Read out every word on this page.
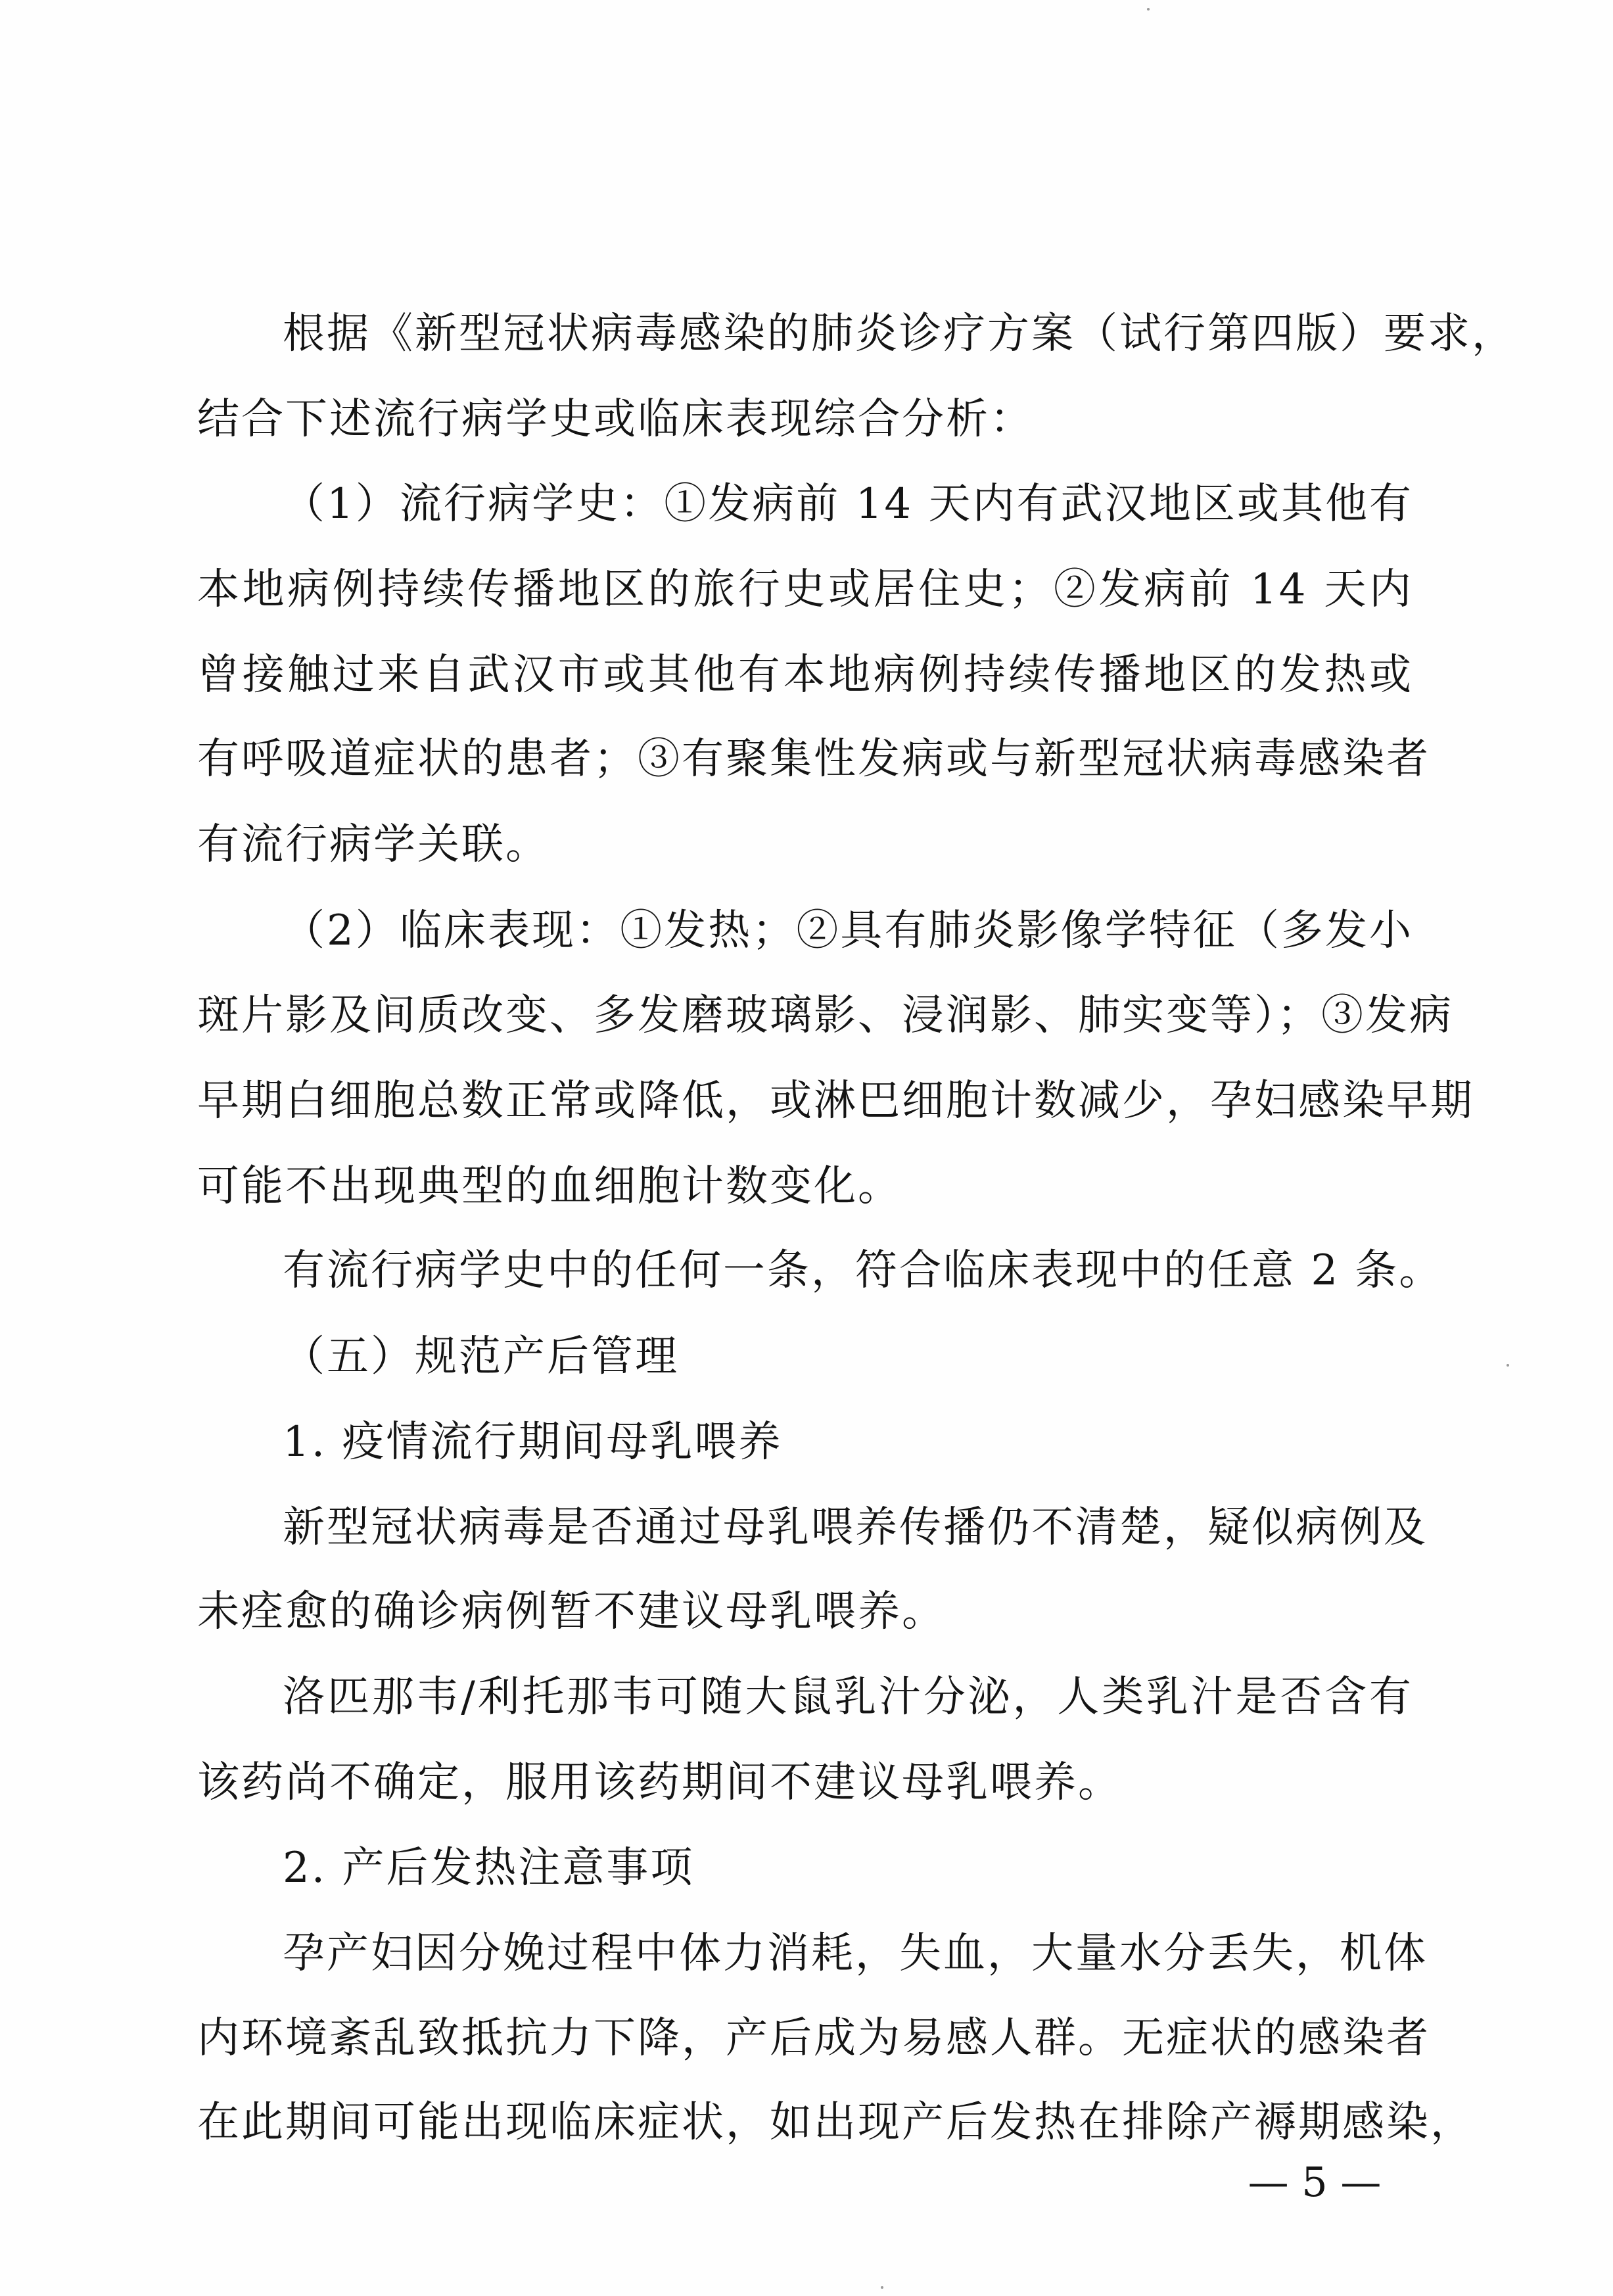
根据《新型冠状病毒感染的肺炎诊疗方案（试行第四版）要求，
结合下述流行病学史或临床表现综合分析：
（1）流行病学史：①发病前 14 天内有武汉地区或其他有
本地病例持续传播地区的旅行史或居住史；②发病前 14 天内
曾接触过来自武汉市或其他有本地病例持续传播地区的发热或
有呼吸道症状的患者；③有聚集性发病或与新型冠状病毒感染者
有流行病学关联。
（2）临床表现：①发热；②具有肺炎影像学特征（多发小
斑片影及间质改变、多发磨玻璃影、浸润影、肺实变等）；③发病
早期白细胞总数正常或降低，或淋巴细胞计数减少，孕妇感染早期
可能不出现典型的血细胞计数变化。
有流行病学史中的任何一条，符合临床表现中的任意 2 条。
（五）规范产后管理
1. 疫情流行期间母乳喂养
新型冠状病毒是否通过母乳喂养传播仍不清楚，疑似病例及
未痊愈的确诊病例暂不建议母乳喂养。
洛匹那韦/利托那韦可随大鼠乳汁分泌，人类乳汁是否含有
该药尚不确定，服用该药期间不建议母乳喂养。
2. 产后发热注意事项
孕产妇因分娩过程中体力消耗，失血，大量水分丢失，机体
内环境紊乱致抵抗力下降，产后成为易感人群。无症状的感染者
在此期间可能出现临床症状，如出现产后发热在排除产褥期感染，
— 5 —
